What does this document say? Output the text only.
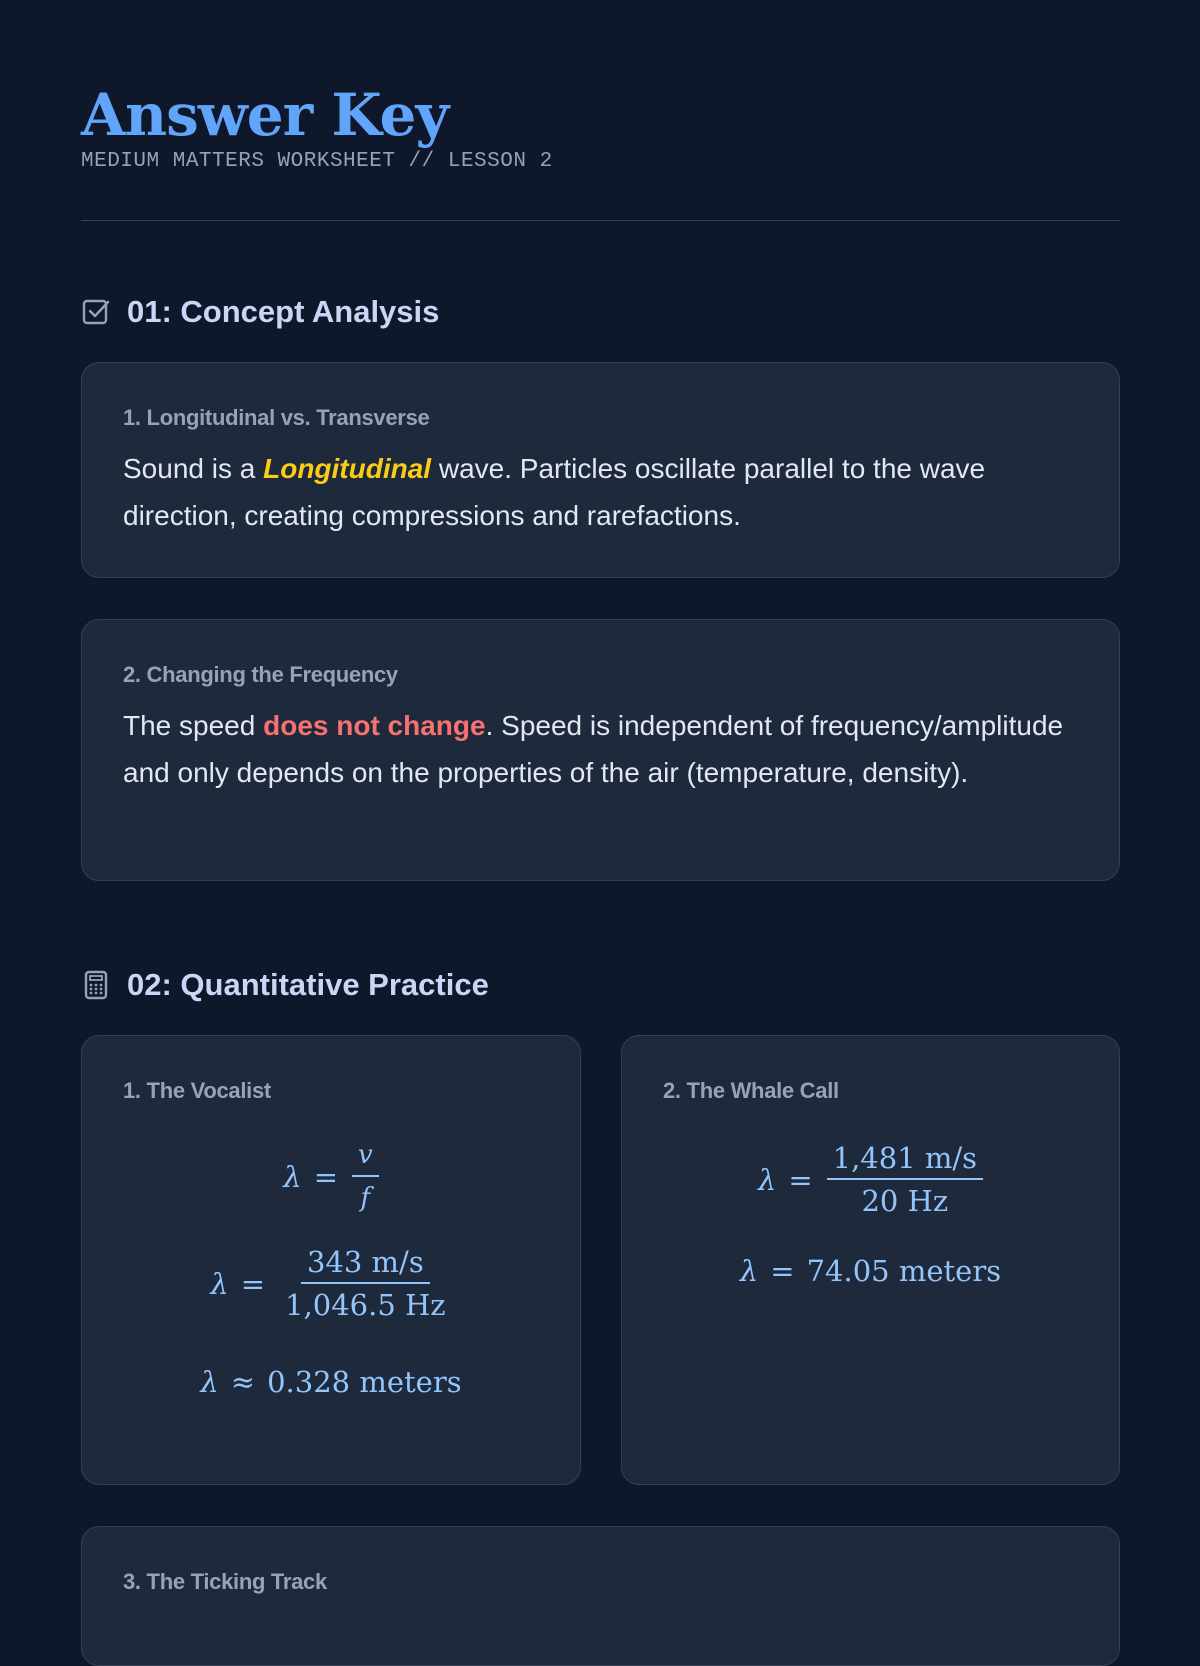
Answer Key
MEDIUM MATTERS WORKSHEET // LESSON 2
01: Concept Analysis
1. Longitudinal vs. Transverse
Sound is a Longitudinal wave. Particles oscillate parallel to the wave direction, creating compressions and rarefactions.
2. Changing the Frequency
The speed does not change. Speed is independent of frequency/amplitude and only depends on the properties of the air (temperature, density).
02: Quantitative Practice
1. The Vocalist
$\lambda = \frac{v}{f}$
$\lambda = \frac{343 m/s}{1,046.5 Hz}$
λ ≈ 0.328 meters
2. The Whale Call
$\lambda = \frac{1,481 m/s}{20 Hz}$
λ = 74.05 meters
3. The Ticking Track
